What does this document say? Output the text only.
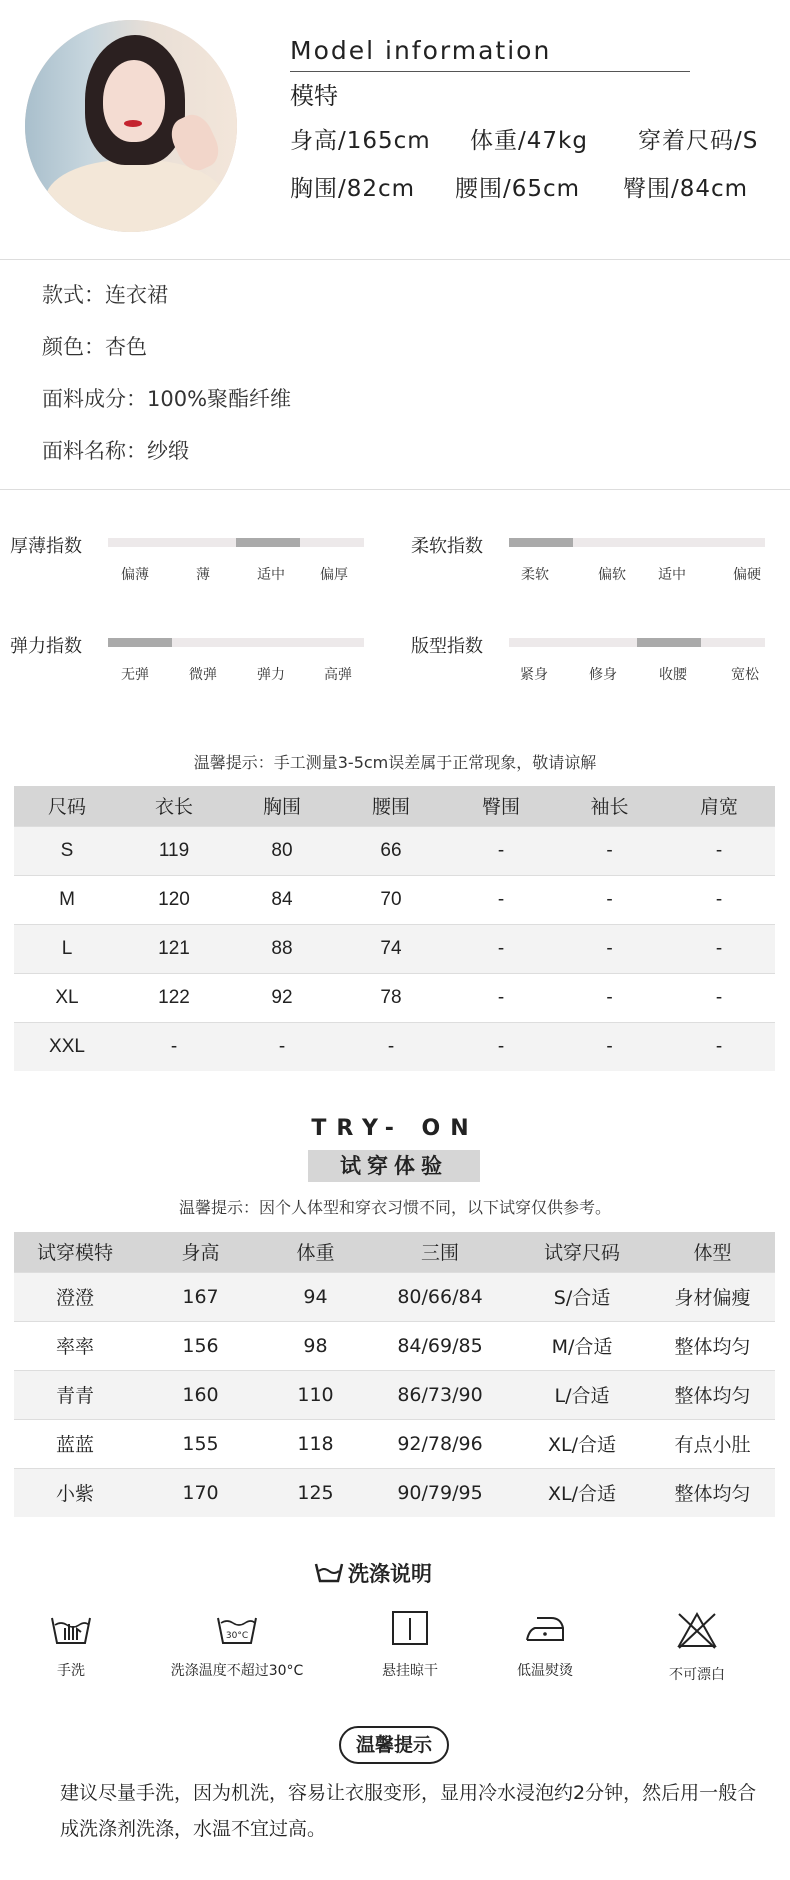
Model information
模特
身高/165cm 体重/47kg 穿着尺码/S
胸围/82cm 腰围/65cm 臀围/84cm
款式：连衣裙
颜色：杏色
面料成分：100%聚酯纤维
面料名称：纱缎
厚薄指数
偏薄	薄	适中	偏厚
柔软指数
柔软	偏软 适中	偏硬
弹力指数
无弹	微弹	弹力	高弹
版型指数
紧身	修身	收腰	宽松
温馨提示：手工测量3-5cm误差属于正常现象，敬请谅解
尺码	衣长	胸围	腰围	臀围	袖长	肩宽
S	119	80	66	-	-	-
M	120	84	70	-	-	-
L	121	88	74	-	-	-
XL	122	92	78	-	-	-
XXL	-	-	-	-	-	-
TRY- ON
试穿体验
温馨提示：因个人体型和穿衣习惯不同，以下试穿仅供参考。
试穿模特	身高	体重	三围	试穿尺码	体型
澄澄	167	94	80/66/84	S/合适	身材偏瘦
率率	156	98	84/69/85	M/合适	整体均匀
青青	160	110	86/73/90	L/合适	整体均匀
蓝蓝	155	118	92/78/96	XL/合适	有点小肚
小紫	170	125	90/79/95	XL/合适	整体均匀
洗涤说明
手洗
30°C
洗涤温度不超过30°C	悬挂晾干	低温熨烫	不可漂白
温馨提示
建议尽量手洗，因为机洗，容易让衣服变形，显用冷水浸泡约2分钟，然后用一般合成洗涤剂洗涤，水温不宜过高。
